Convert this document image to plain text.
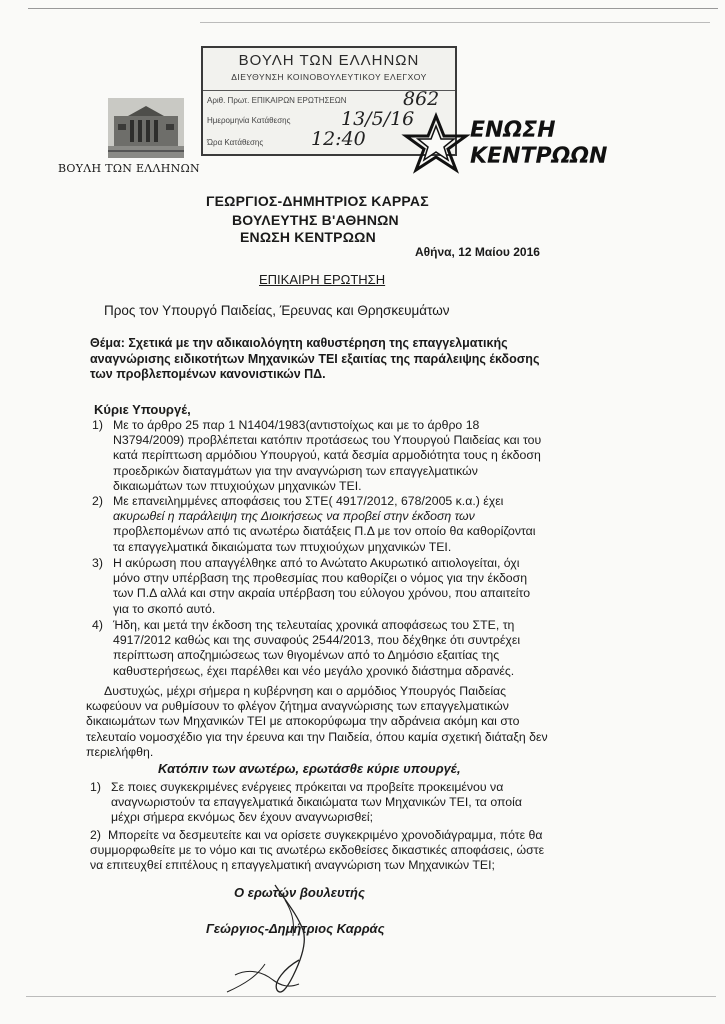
ΒΟΥΛΗ ΤΩΝ ΕΛΛΗΝΩΝ
ΔΙΕΥΘΥΝΣΗ ΚΟΙΝΟΒΟΥΛΕΥΤΙΚΟΥ ΕΛΕΓΧΟΥ
Αριθ. Πρωτ. ΕΠΙΚΑΙΡΩΝ ΕΡΩΤΗΣΕΩΝ	862
Ημερομηνία Κατάθεσης	13/5/16
Ώρα Κατάθεσης	12:40
ΒΟΥΛΗ ΤΩΝ ΕΛΛΗΝΩΝ
ΕΝΩΣΗ
ΚΕΝΤΡΩΩΝ
ΓΕΩΡΓΙΟΣ-ΔΗΜΗΤΡΙΟΣ ΚΑΡΡΑΣ
ΒΟΥΛΕΥΤΗΣ Β'ΑΘΗΝΩΝ
ΕΝΩΣΗ ΚΕΝΤΡΩΩΝ
Αθήνα, 12 Μαίου 2016
ΕΠΙΚΑΙΡΗ ΕΡΩΤΗΣΗ
Προς τον Υπουργό Παιδείας, Έρευνας και Θρησκευμάτων
Θέμα: Σχετικά με την αδικαιολόγητη καθυστέρηση της επαγγελματικής
αναγνώρισης ειδικοτήτων Μηχανικών ΤΕΙ εξαιτίας της παράλειψης έκδοσης
των προβλεπομένων κανονιστικών ΠΔ.
Κύριε Υπουργέ,
1) Με το άρθρο 25 παρ 1 Ν1404/1983(αντιστοίχως και με το άρθρο 18
Ν3794/2009) προβλέπεται κατόπιν προτάσεως του Υπουργού Παιδείας και του
κατά περίπτωση αρμόδιου Υπουργού, κατά δεσμία αρμοδιότητα τους η έκδοση
προεδρικών διαταγμάτων για την αναγνώριση των επαγγελματικών
δικαιωμάτων των πτυχιούχων μηχανικών ΤΕΙ.
2) Με επανειλημμένες αποφάσεις του ΣΤΕ( 4917/2012, 678/2005 κ.α.) έχει
ακυρωθεί η παράλειψη της Διοικήσεως να προβεί στην έκδοση των
προβλεπομένων από τις ανωτέρω διατάξεις Π.Δ με τον οποίο θα καθορίζονται
τα επαγγελματικά δικαιώματα των πτυχιούχων μηχανικών ΤΕΙ.
3) Η ακύρωση που απαγγέλθηκε από το Ανώτατο Ακυρωτικό αιτιολογείται, όχι
μόνο στην υπέρβαση της προθεσμίας που καθορίζει ο νόμος για την έκδοση
των Π.Δ αλλά και στην ακραία υπέρβαση του εύλογου χρόνου, που απαιτείτο
για το σκοπό αυτό.
4) Ήδη, και μετά την έκδοση της τελευταίας χρονικά αποφάσεως του ΣΤΕ, τη
4917/2012 καθώς και της συναφούς 2544/2013, που δέχθηκε ότι συντρέχει
περίπτωση αποζημιώσεως των θιγομένων από το Δημόσιο εξαιτίας της
καθυστερήσεως, έχει παρέλθει και νέο μεγάλο χρονικό διάστημα αδρανές.
Δυστυχώς, μέχρι σήμερα η κυβέρνηση και ο αρμόδιος Υπουργός Παιδείας
κωφεύουν να ρυθμίσουν το φλέγον ζήτημα αναγνώρισης των επαγγελματικών
δικαιωμάτων των Μηχανικών ΤΕΙ με αποκορύφωμα την αδράνεια ακόμη και στο
τελευταίο νομοσχέδιο για την έρευνα και την Παιδεία, όπου καμία σχετική διάταξη δεν
περιελήφθη.
Κατόπιν των ανωτέρω, ερωτάσθε κύριε υπουργέ,
1) Σε ποιες συγκεκριμένες ενέργειες πρόκειται να προβείτε προκειμένου να
αναγνωριστούν τα επαγγελματικά δικαιώματα των Μηχανικών ΤΕΙ, τα οποία
μέχρι σήμερα εκνόμως δεν έχουν αναγνωρισθεί;
2) Μπορείτε να δεσμευτείτε και να ορίσετε συγκεκριμένο χρονοδιάγραμμα, πότε θα
συμμορφωθείτε με το νόμο και τις ανωτέρω εκδοθείσες δικαστικές αποφάσεις, ώστε
να επιτευχθεί επιτέλους η επαγγελματική αναγνώριση των Μηχανικών ΤΕΙ;
Ο ερωτών βουλευτής
Γεώργιος-Δημήτριος Καρράς
